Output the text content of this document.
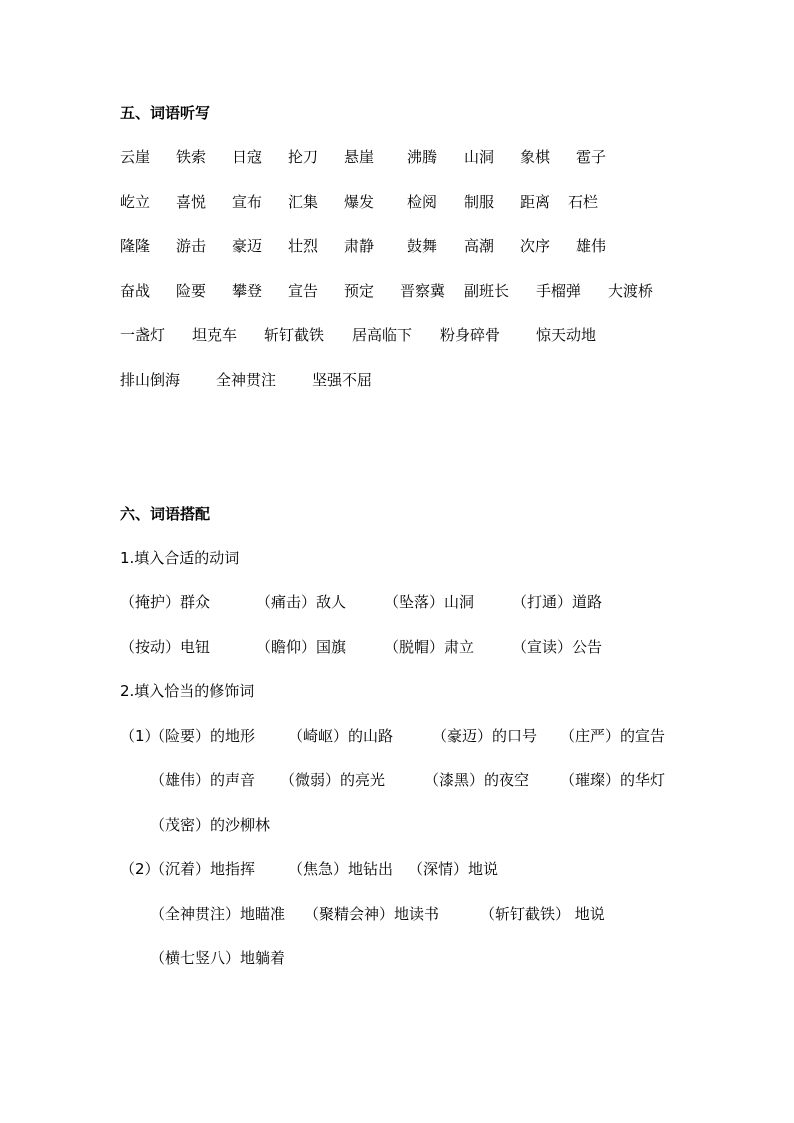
五、词语听写
云崖 铁索 日寇 抡刀 悬崖 沸腾 山洞 象棋 雹子
屹立 喜悦 宣布 汇集 爆发 检阅 制服 距离 石栏
隆隆 游击 豪迈 壮烈 肃静 鼓舞 高潮 次序 雄伟
奋战 险要 攀登 宣告 预定 晋察冀 副班长 手榴弹 大渡桥
一盏灯 坦克车 斩钉截铁 居高临下 粉身碎骨 惊天动地
排山倒海 全神贯注 坚强不屈
六、词语搭配
1.填入合适的动词
（掩护）群众	（痛击）敌人	（坠落）山洞	（打通）道路
（按动）电钮	（瞻仰）国旗	（脱帽）肃立	（宣读）公告
2.填入恰当的修饰词
（1）
（险要）的地形 （崎岖）的山路	（豪迈）的口号 （庄严）的宣告
（雄伟）的声音 （微弱）的亮光	（漆黑）的夜空 （璀璨）的华灯
（茂密）的沙柳林
（2）
（沉着）地指挥 （焦急）地钻出 （深情）地说
（全神贯注）地瞄准 （聚精会神）地读书	（斩钉截铁） 地说
（横七竖八）地躺着
